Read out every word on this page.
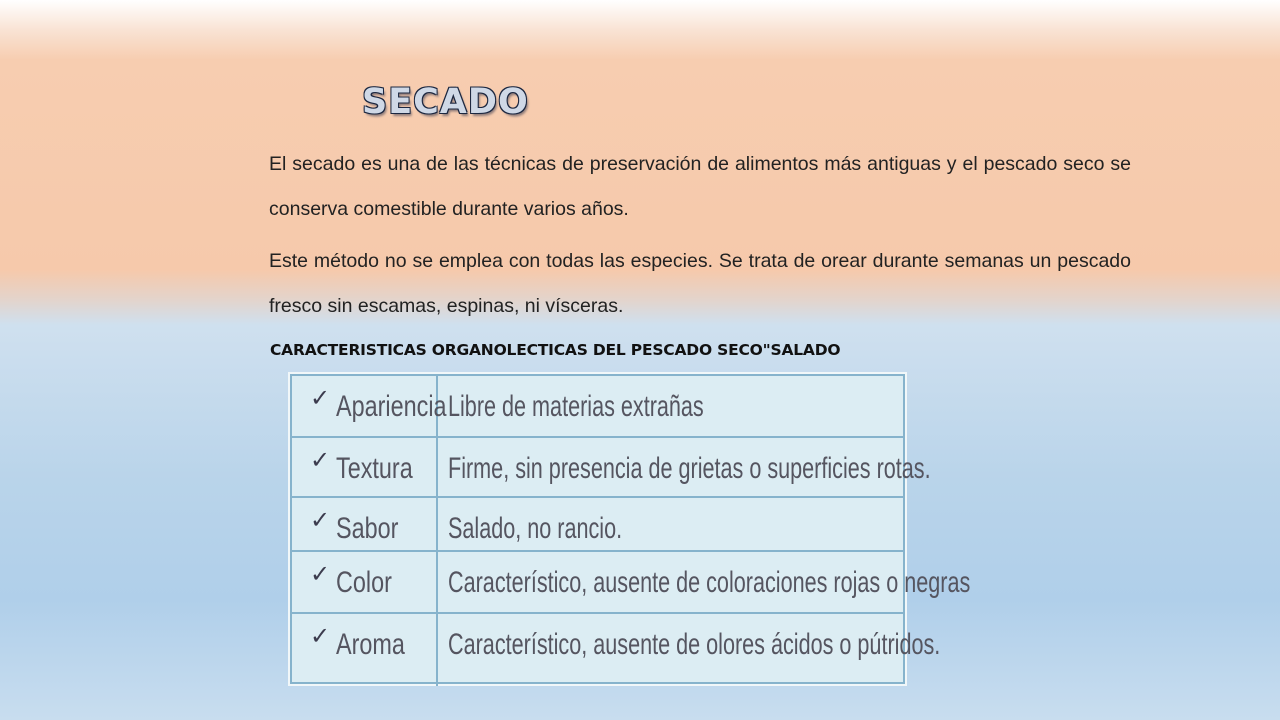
SECADO

El secado es una de las técnicas de preservación de alimentos más antiguas y el pescado seco se conserva comestible durante varios años.

Este método no se emplea con todas las especies. Se trata de orear durante semanas un pescado fresco sin escamas, espinas, ni vísceras.

CARACTERISTICAS ORGANOLECTICAS DEL PESCADO SECO"SALADO

✓ Apariencia Libre de materias extrañas
✓ Textura Firme, sin presencia de grietas o superficies rotas.
✓ Sabor Salado, no rancio.
✓ Color Característico, ausente de coloraciones rojas o negras
✓ Aroma Característico, ausente de olores ácidos o pútridos.
